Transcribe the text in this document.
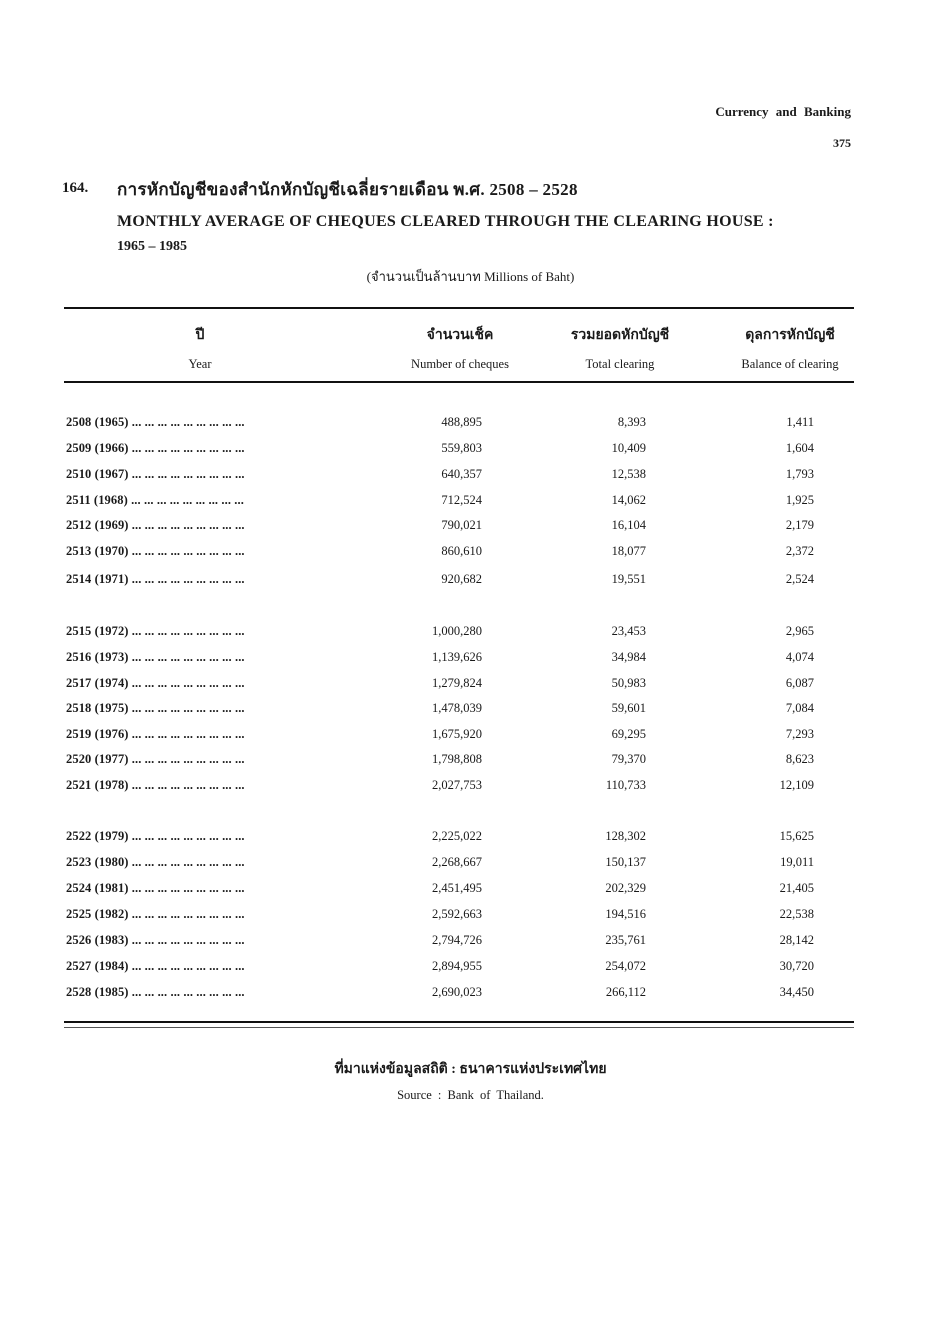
Currency and Banking
375
164. การหักบัญชีของสำนักหักบัญชีเฉลี่ยรายเดือน พ.ศ. 2508 – 2528
MONTHLY AVERAGE OF CHEQUES CLEARED THROUGH THE CLEARING HOUSE :
1965 – 1985
(จำนวนเป็นล้านบาท Millions of Baht)
ปี
Year
จำนวนเช็ค
Number of cheques
รวมยอดหักบัญชี
Total clearing
ดุลการหักบัญชี
Balance of clearing
2508 (1965) ... ... ... ... ... ... ... ... ...	488,895	8,393	1,411
2509 (1966) ... ... ... ... ... ... ... ... ...	559,803	10,409	1,604
2510 (1967) ... ... ... ... ... ... ... ... ...	640,357	12,538	1,793
2511 (1968) ... ... ... ... ... ... ... ... ...	712,524	14,062	1,925
2512 (1969) ... ... ... ... ... ... ... ... ...	790,021	16,104	2,179
2513 (1970) ... ... ... ... ... ... ... ... ...	860,610	18,077	2,372
2514 (1971) ... ... ... ... ... ... ... ... ...	920,682	19,551	2,524
2515 (1972) ... ... ... ... ... ... ... ... ...	1,000,280	23,453	2,965
2516 (1973) ... ... ... ... ... ... ... ... ...	1,139,626	34,984	4,074
2517 (1974) ... ... ... ... ... ... ... ... ...	1,279,824	50,983	6,087
2518 (1975) ... ... ... ... ... ... ... ... ...	1,478,039	59,601	7,084
2519 (1976) ... ... ... ... ... ... ... ... ...	1,675,920	69,295	7,293
2520 (1977) ... ... ... ... ... ... ... ... ...	1,798,808	79,370	8,623
2521 (1978) ... ... ... ... ... ... ... ... ...	2,027,753	110,733	12,109
2522 (1979) ... ... ... ... ... ... ... ... ...	2,225,022	128,302	15,625
2523 (1980) ... ... ... ... ... ... ... ... ...	2,268,667	150,137	19,011
2524 (1981) ... ... ... ... ... ... ... ... ...	2,451,495	202,329	21,405
2525 (1982) ... ... ... ... ... ... ... ... ...	2,592,663	194,516	22,538
2526 (1983) ... ... ... ... ... ... ... ... ...	2,794,726	235,761	28,142
2527 (1984) ... ... ... ... ... ... ... ... ...	2,894,955	254,072	30,720
2528 (1985) ... ... ... ... ... ... ... ... ...	2,690,023	266,112	34,450
ที่มาแห่งข้อมูลสถิติ : ธนาคารแห่งประเทศไทย
Source : Bank of Thailand.
